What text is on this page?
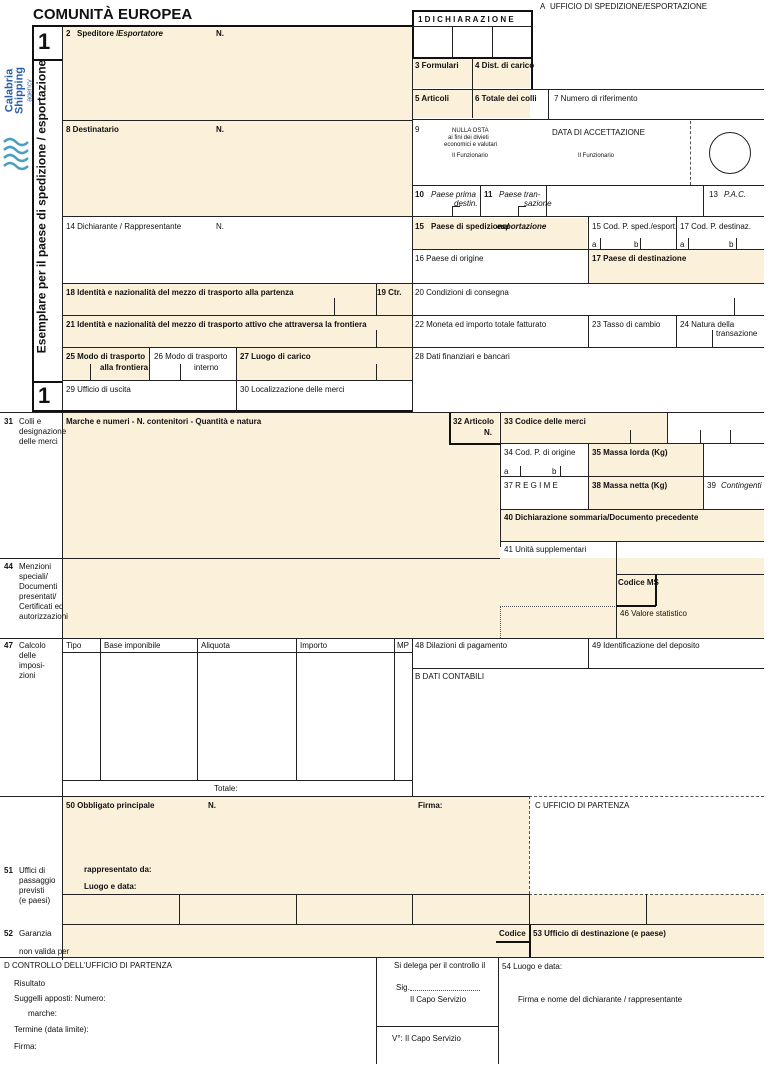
Calabria
Shipping agency
COMUNITÀ EUROPEA
1
1
Esemplare per il paese di spedizione / esportazione
A UFFICIO DI SPEDIZIONE/ESPORTAZIONE
1 D I C H I A R A Z I O N E
2 Speditore / Esportatore	N.
3 Formulari 4 Dist. di carico
5 Articoli	6 Totale dei colli 7 Numero di riferimento
8 Destinatario	N.	9	NULLA OSTA
ai fini dei divieti
economici e valutari
Il Funzionario
DATA DI ACCETTAZIONE
Il Funzionario
10 Paese prima
destin.
11 Paese tran-
sazione
13 P.A.C.
14 Dichiarante / Rappresentante	N.	15 Paese di spedizione/
esportazione	15 Cod. P. sped./esport. 17 Cod. P. destinaz.
a	b	a	b
16 Paese di origine	17 Paese di destinazione
18 Identità e nazionalità del mezzo di trasporto alla partenza	19 Ctr. 20 Condizioni di consegna
21 Identità e nazionalità del mezzo di trasporto attivo che attraversa la frontiera	22 Moneta ed importo totale fatturato	23 Tasso di cambio 24 Natura della
transazione
25 Modo di trasporto
alla frontiera
26 Modo di trasporto
interno
27 Luogo di carico	28 Dati finanziari e bancari
29 Ufficio di uscita	30 Localizzazione delle merci
31 Colli e
designazione
delle merci
Marche e numeri - N. contenitori - Quantità e natura	32 Articolo
N.
33 Codice delle merci
34 Cod. P. di origine
a	b
35 Massa lorda (Kg)
37 R E G I M E	38 Massa netta (Kg)	39 Contingenti
40 Dichiarazione sommaria/Documento precedente
41 Unità supplementari
44 Menzioni
speciali/
Documenti
presentati/
Certificati ed
autorizzazioni
Codice MS
46 Valore statistico
47 Calcolo
delle
imposi-
zioni
Tipo	Base imponibile	Aliquota	Importo	MP
Totale:
48 Dilazioni di pagamento	49 Identificazione del deposito
B DATI CONTABILI
50 Obbligato principale	N.	Firma:	C UFFICIO DI PARTENZA
rappresentato da:
Luogo e data:
51 Uffici di
passaggio
previsti
(e paesi)
52 Garanzia
non valida per
Codice 53 Ufficio di destinazione (e paese)
D CONTROLLO DELL'UFFICIO DI PARTENZA
Risultato
Suggelli apposti: Numero:
marche:
Termine (data limite):
Firma:
Si delega per il controllo il
Sig.
Il Capo Servizio
V°: Il Capo Servizio
54 Luogo e data:
Firma e nome del dichiarante / rappresentante
